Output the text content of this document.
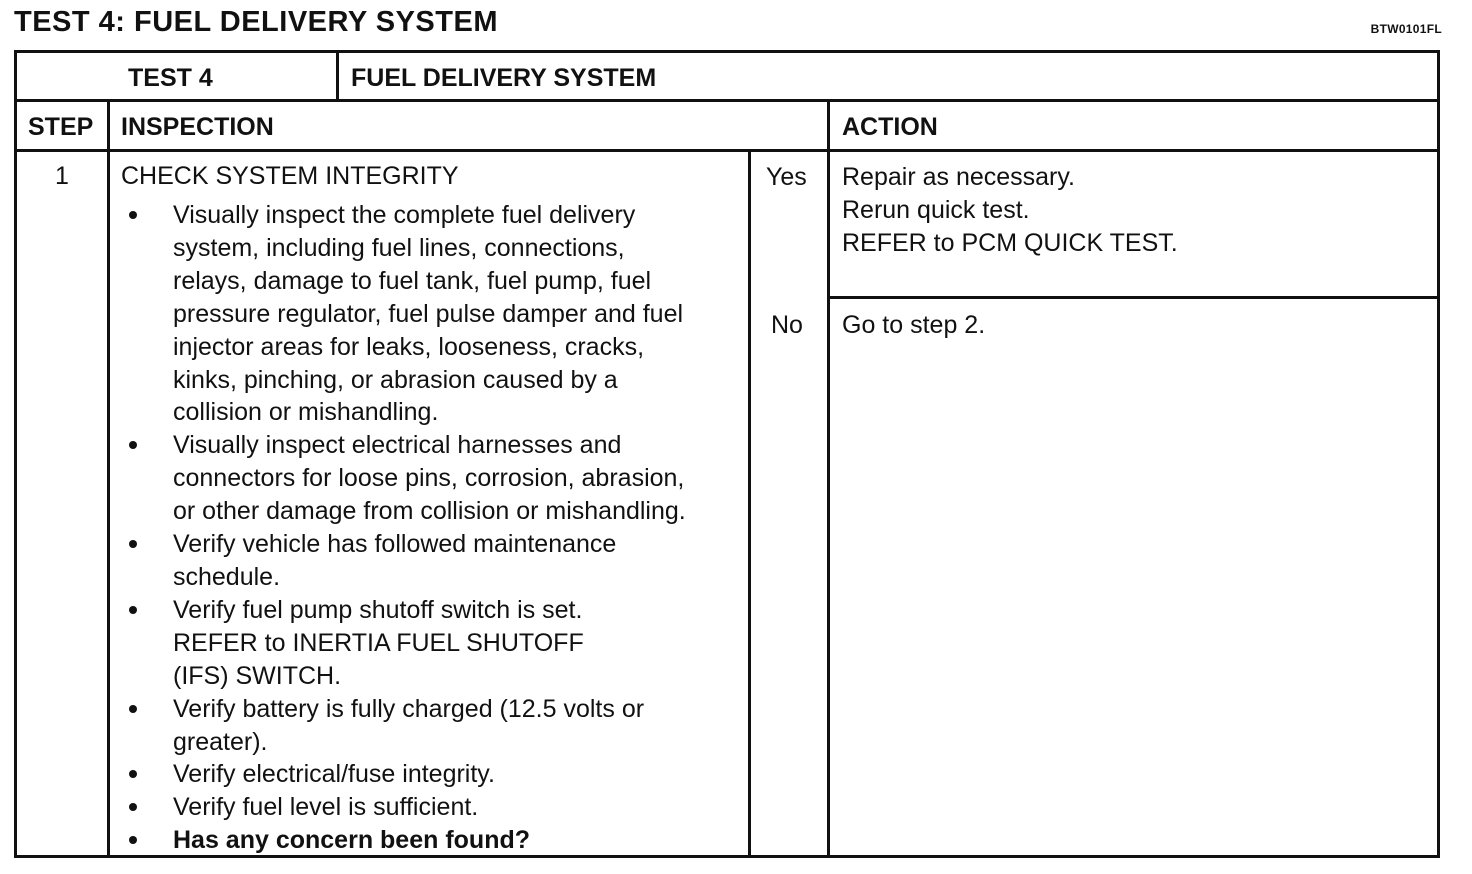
TEST 4: FUEL DELIVERY SYSTEM	BTW0101FL
TEST 4	FUEL DELIVERY SYSTEM
STEP INSPECTION	ACTION
1 CHECK SYSTEM INTEGRITY
Visually inspect the complete fuel delivery
system, including fuel lines, connections,
relays, damage to fuel tank, fuel pump, fuel
pressure regulator, fuel pulse damper and fuel
injector areas for leaks, looseness, cracks,
kinks, pinching, or abrasion caused by a
collision or mishandling.
Visually inspect electrical harnesses and
connectors for loose pins, corrosion, abrasion,
or other damage from collision or mishandling.
Verify vehicle has followed maintenance
schedule.
Verify fuel pump shutoff switch is set.
REFER to INERTIA FUEL SHUTOFF
(IFS) SWITCH.
Verify battery is fully charged (12.5 volts or
greater).
Verify electrical/fuse integrity.
Verify fuel level is sufficient.
Has any concern been found?
Yes Repair as necessary.
Rerun quick test.
REFER to PCM QUICK TEST.
No Go to step 2.
